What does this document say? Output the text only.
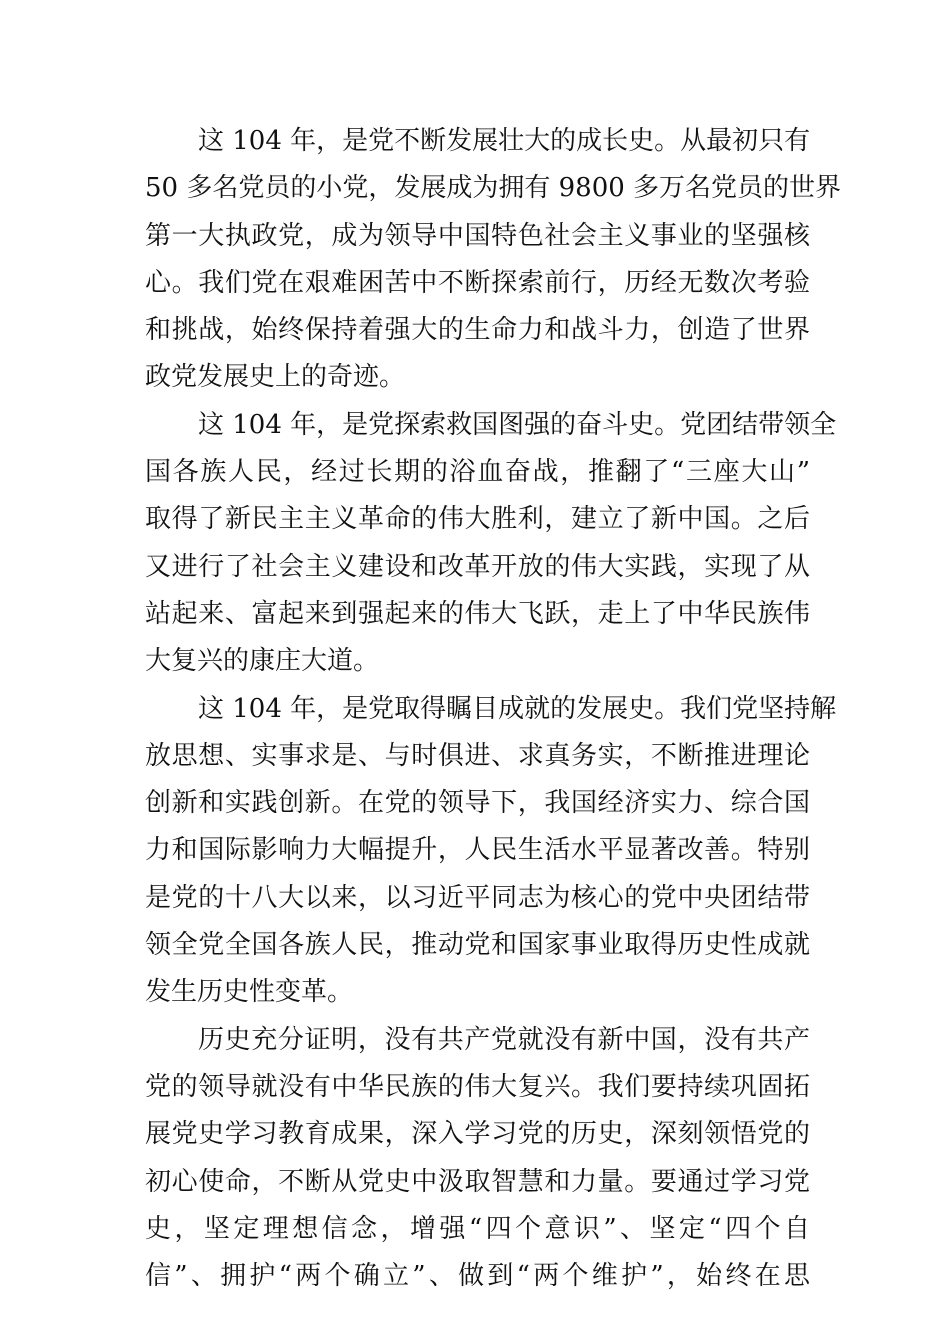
这 104 年，是党不断发展壮大的成长史。从最初只有
50 多名党员的小党，发展成为拥有 9800 多万名党员的世界
第一大执政党，成为领导中国特色社会主义事业的坚强核
心。我们党在艰难困苦中不断探索前行，历经无数次考验
和挑战，始终保持着强大的生命力和战斗力，创造了世界
政党发展史上的奇迹。
这 104 年，是党探索救国图强的奋斗史。党团结带领全
国各族人民，经过长期的浴血奋战，推翻了“三座大山”
取得了新民主主义革命的伟大胜利，建立了新中国。之后
又进行了社会主义建设和改革开放的伟大实践，实现了从
站起来、富起来到强起来的伟大飞跃，走上了中华民族伟
大复兴的康庄大道。
这 104 年，是党取得瞩目成就的发展史。我们党坚持解
放思想、实事求是、与时俱进、求真务实，不断推进理论
创新和实践创新。在党的领导下，我国经济实力、综合国
力和国际影响力大幅提升，人民生活水平显著改善。特别
是党的十八大以来，以习近平同志为核心的党中央团结带
领全党全国各族人民，推动党和国家事业取得历史性成就
发生历史性变革。
历史充分证明，没有共产党就没有新中国，没有共产
党的领导就没有中华民族的伟大复兴。我们要持续巩固拓
展党史学习教育成果，深入学习党的历史，深刻领悟党的
初心使命，不断从党史中汲取智慧和力量。要通过学习党
史，坚定理想信念，增强“四个意识”、坚定“四个自
信”、拥护“两个确立”、做到“两个维护”，始终在思
